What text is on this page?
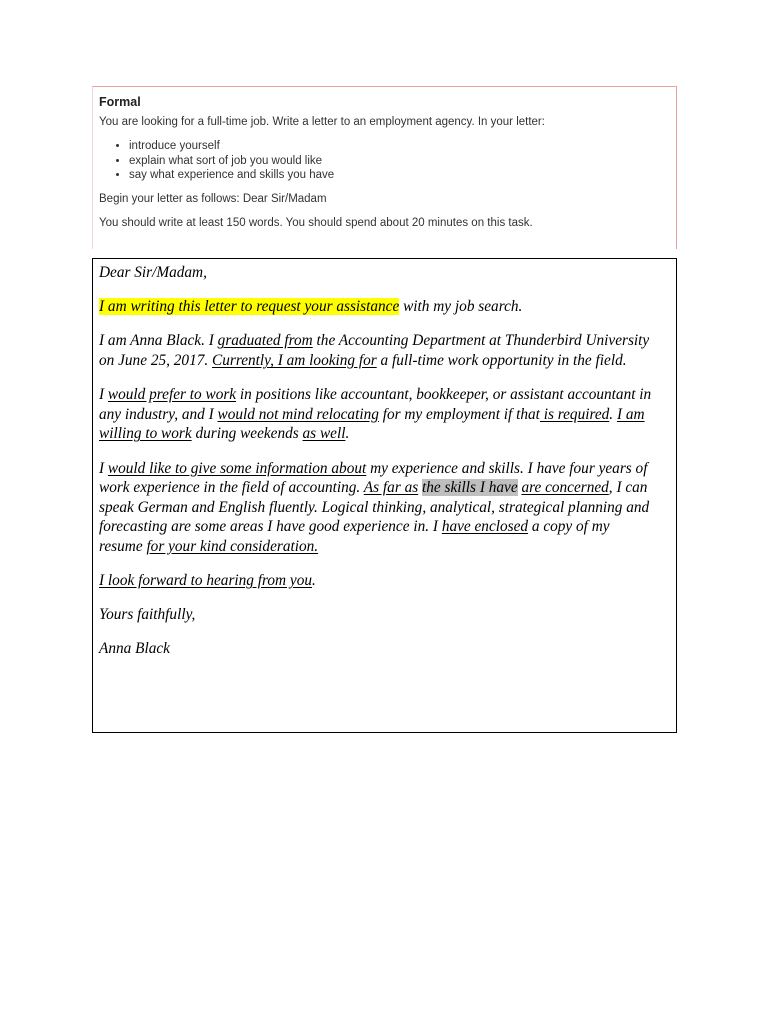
Formal

You are looking for a full-time job. Write a letter to an employment agency. In your letter:

• introduce yourself
• explain what sort of job you would like
• say what experience and skills you have

Begin your letter as follows: Dear Sir/Madam

You should write at least 150 words. You should spend about 20 minutes on this task.

Dear Sir/Madam,

I am writing this letter to request your assistance with my job search.

I am Anna Black. I graduated from the Accounting Department at Thunderbird University on June 25, 2017. Currently, I am looking for a full-time work opportunity in the field.

I would prefer to work in positions like accountant, bookkeeper, or assistant accountant in any industry, and I would not mind relocating for my employment if that is required. I am willing to work during weekends as well.

I would like to give some information about my experience and skills. I have four years of work experience in the field of accounting. As far as the skills I have are concerned, I can speak German and English fluently. Logical thinking, analytical, strategical planning and forecasting are some areas I have good experience in. I have enclosed a copy of my resume for your kind consideration.

I look forward to hearing from you.

Yours faithfully,

Anna Black
